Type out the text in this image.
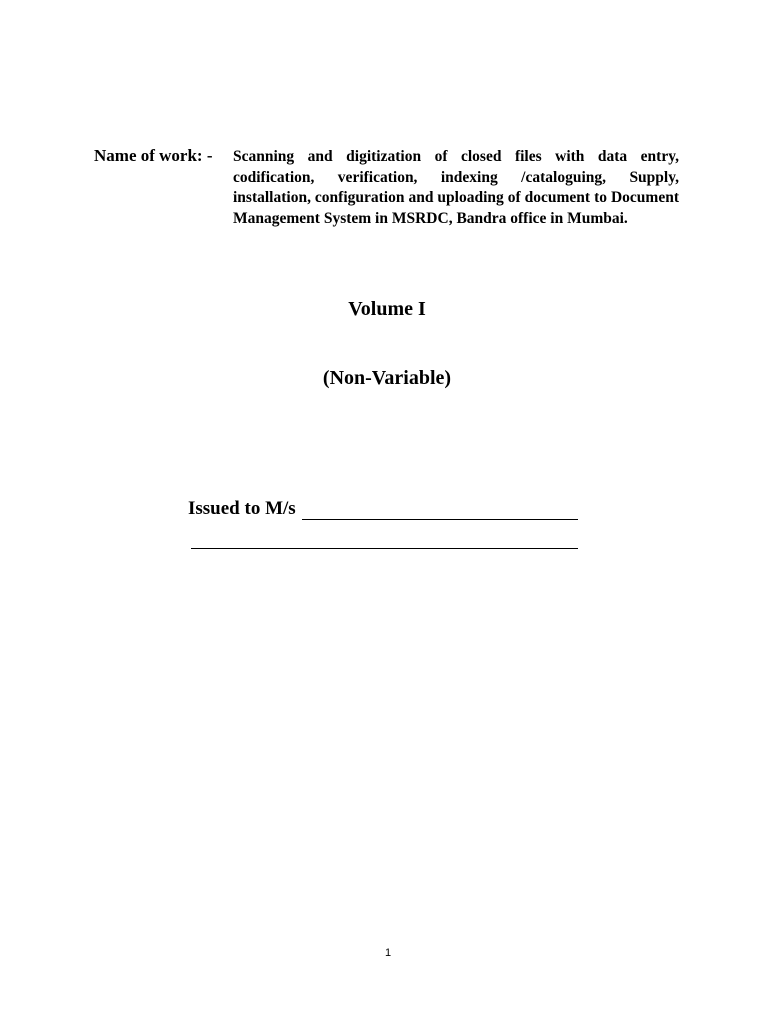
Name of work: - Scanning and digitization of closed files with data entry, codification, verification, indexing /cataloguing, Supply, installation, configuration and uploading of document to Document Management System in MSRDC, Bandra office in Mumbai.
Volume I
(Non-Variable)
Issued to M/s
1
